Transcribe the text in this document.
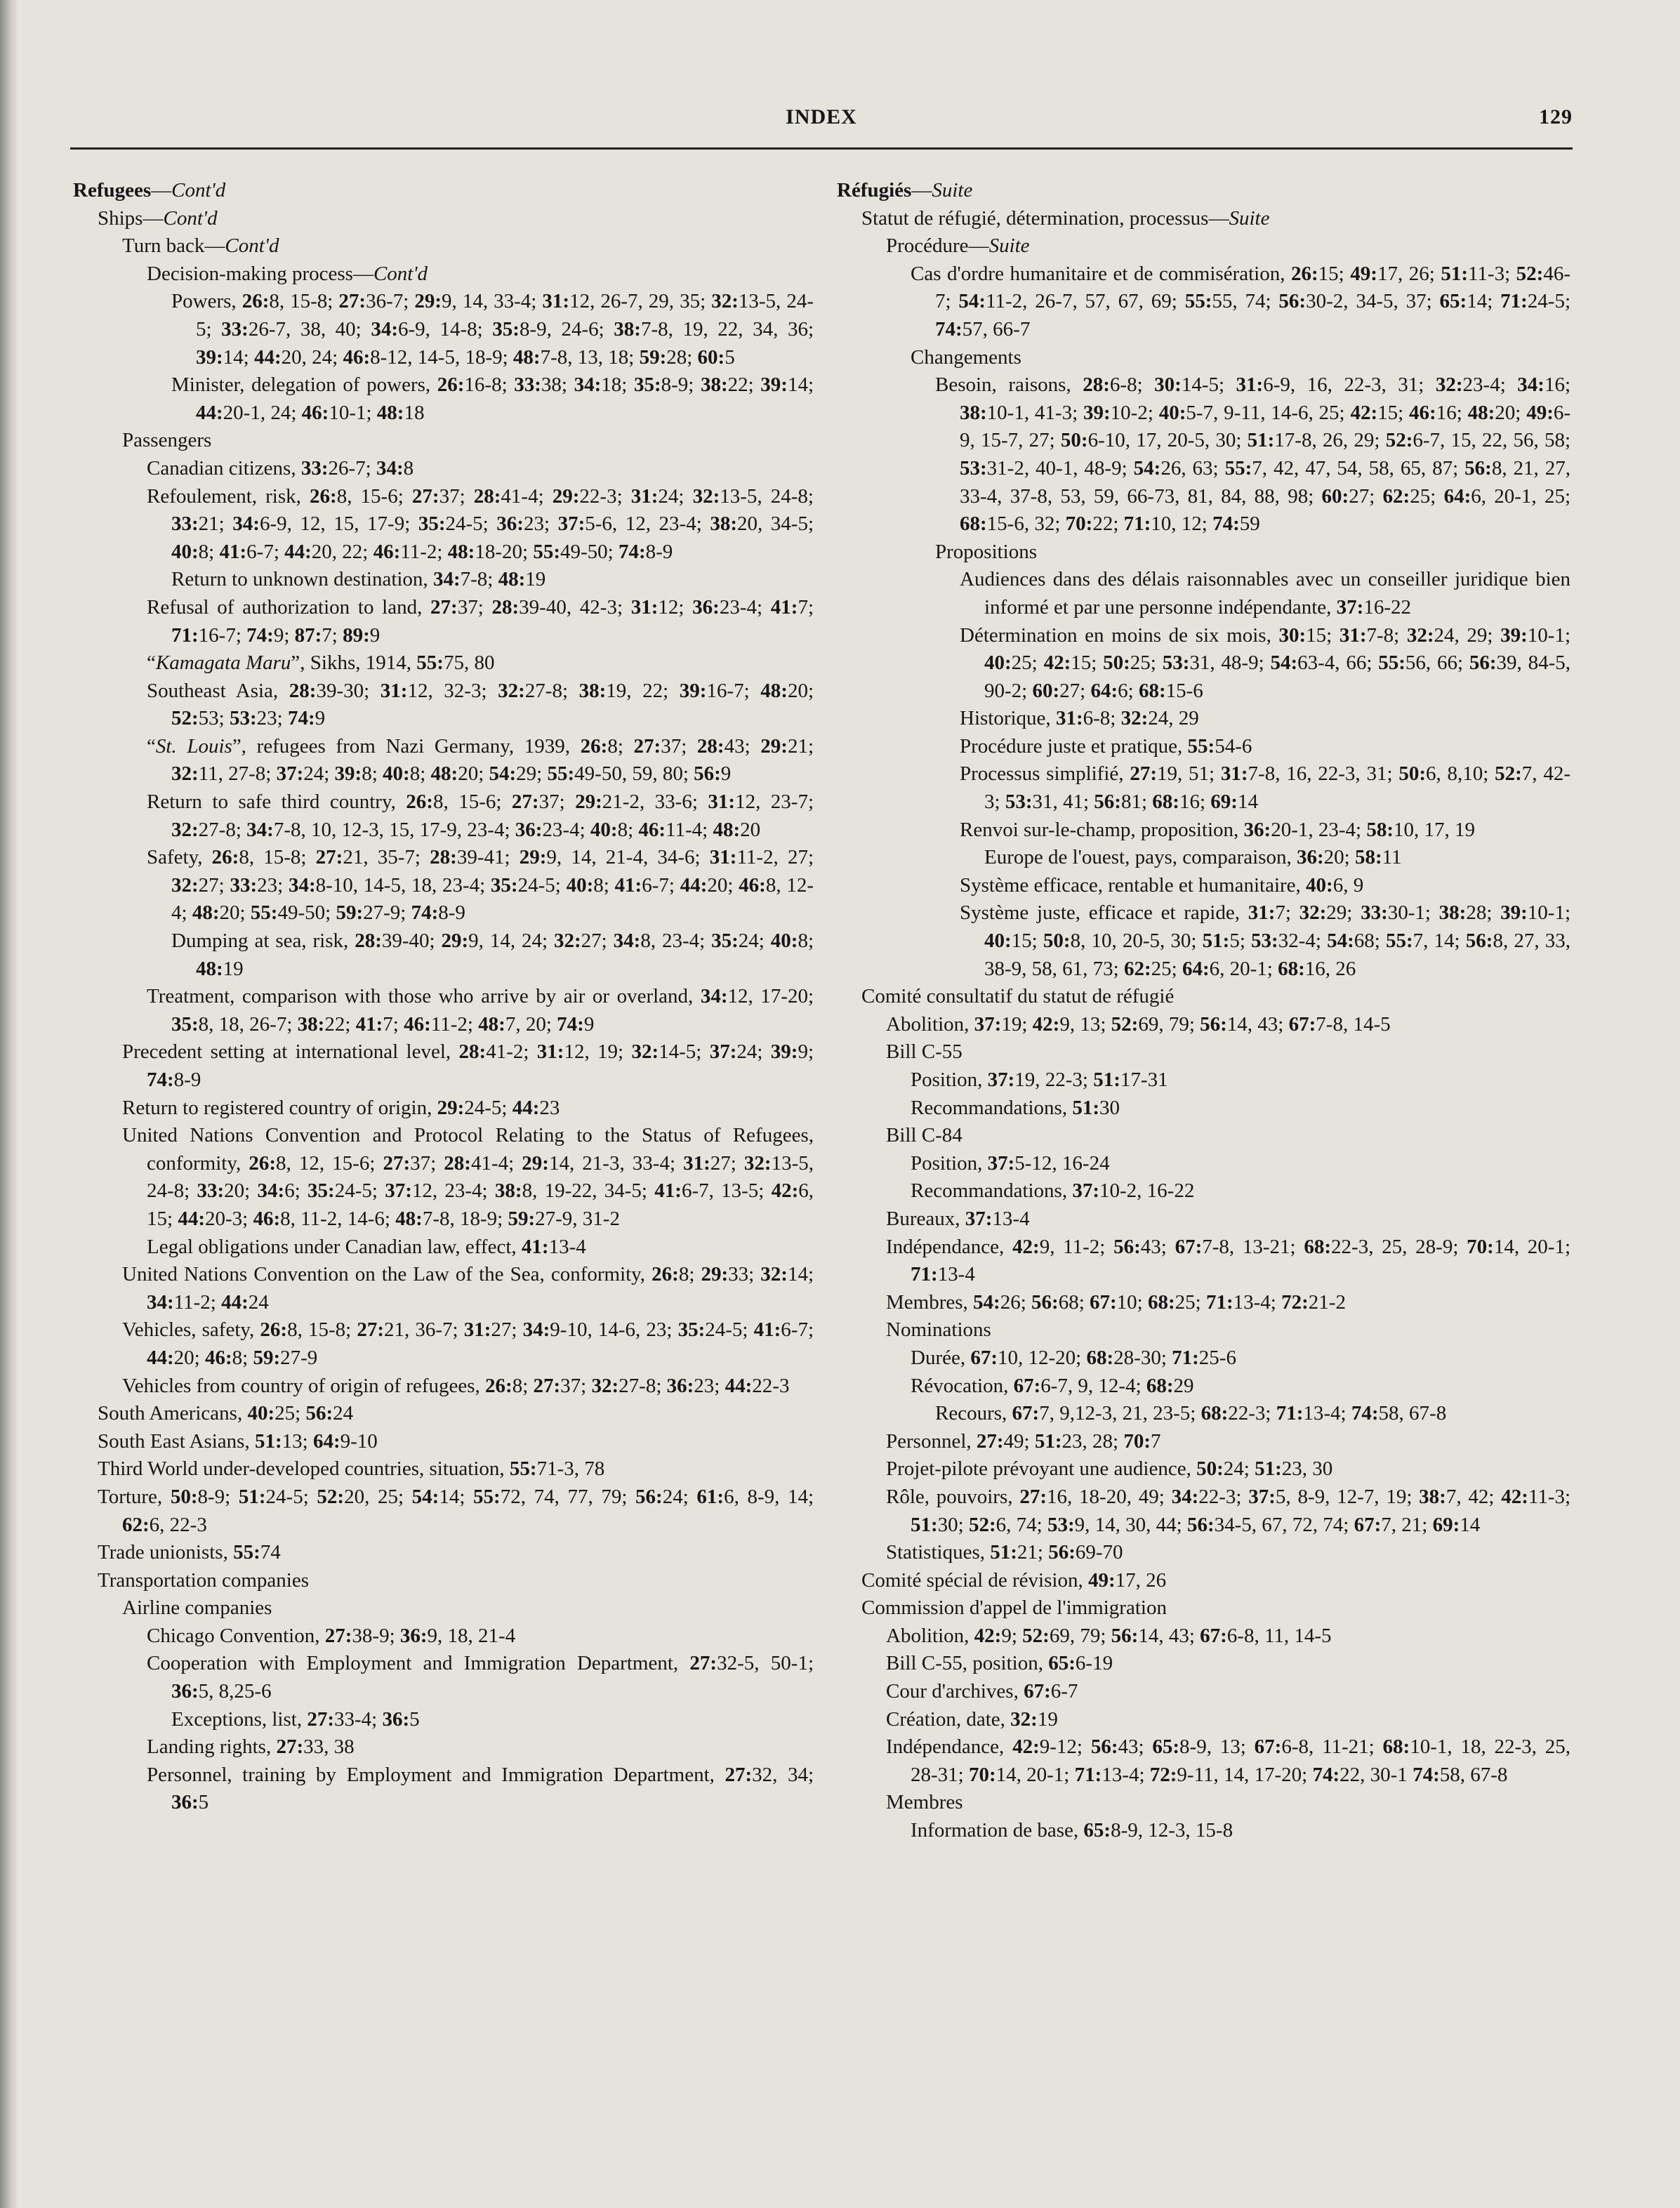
INDEX	129
Refugees—Cont'd
Ships—Cont'd
Turn back—Cont'd
Decision-making process—Cont'd
Powers, 26:8, 15-8; 27:36-7; 29:9, 14, 33-4; 31:12, 26-7, 29, 35; 32:13-5, 24-5; 33:26-7, 38, 40; 34:6-9, 14-8; 35:8-9, 24-6; 38:7-8, 19, 22, 34, 36; 39:14; 44:20, 24; 46:8-12, 14-5, 18-9; 48:7-8, 13, 18; 59:28; 60:5
Minister, delegation of powers, 26:16-8; 33:38; 34:18; 35:8-9; 38:22; 39:14; 44:20-1, 24; 46:10-1; 48:18
Passengers
Canadian citizens, 33:26-7; 34:8
Refoulement, risk, 26:8, 15-6; 27:37; 28:41-4; 29:22-3; 31:24; 32:13-5, 24-8; 33:21; 34:6-9, 12, 15, 17-9; 35:24-5; 36:23; 37:5-6, 12, 23-4; 38:20, 34-5; 40:8; 41:6-7; 44:20, 22; 46:11-2; 48:18-20; 55:49-50; 74:8-9
Return to unknown destination, 34:7-8; 48:19
Refusal of authorization to land, 27:37; 28:39-40, 42-3; 31:12; 36:23-4; 41:7; 71:16-7; 74:9; 87:7; 89:9
“Kamagata Maru”, Sikhs, 1914, 55:75, 80
Southeast Asia, 28:39-30; 31:12, 32-3; 32:27-8; 38:19, 22; 39:16-7; 48:20; 52:53; 53:23; 74:9
“St. Louis”, refugees from Nazi Germany, 1939, 26:8; 27:37; 28:43; 29:21; 32:11, 27-8; 37:24; 39:8; 40:8; 48:20; 54:29; 55:49-50, 59, 80; 56:9
Return to safe third country, 26:8, 15-6; 27:37; 29:21-2, 33-6; 31:12, 23-7; 32:27-8; 34:7-8, 10, 12-3, 15, 17-9, 23-4; 36:23-4; 40:8; 46:11-4; 48:20
Safety, 26:8, 15-8; 27:21, 35-7; 28:39-41; 29:9, 14, 21-4, 34-6; 31:11-2, 27; 32:27; 33:23; 34:8-10, 14-5, 18, 23-4; 35:24-5; 40:8; 41:6-7; 44:20; 46:8, 12-4; 48:20; 55:49-50; 59:27-9; 74:8-9
Dumping at sea, risk, 28:39-40; 29:9, 14, 24; 32:27; 34:8, 23-4; 35:24; 40:8; 48:19
Treatment, comparison with those who arrive by air or overland, 34:12, 17-20; 35:8, 18, 26-7; 38:22; 41:7; 46:11-2; 48:7, 20; 74:9
Precedent setting at international level, 28:41-2; 31:12, 19; 32:14-5; 37:24; 39:9; 74:8-9
Return to registered country of origin, 29:24-5; 44:23
United Nations Convention and Protocol Relating to the Status of Refugees, conformity, 26:8, 12, 15-6; 27:37; 28:41-4; 29:14, 21-3, 33-4; 31:27; 32:13-5, 24-8; 33:20; 34:6; 35:24-5; 37:12, 23-4; 38:8, 19-22, 34-5; 41:6-7, 13-5; 42:6, 15; 44:20-3; 46:8, 11-2, 14-6; 48:7-8, 18-9; 59:27-9, 31-2
Legal obligations under Canadian law, effect, 41:13-4
United Nations Convention on the Law of the Sea, conformity, 26:8; 29:33; 32:14; 34:11-2; 44:24
Vehicles, safety, 26:8, 15-8; 27:21, 36-7; 31:27; 34:9-10, 14-6, 23; 35:24-5; 41:6-7; 44:20; 46:8; 59:27-9
Vehicles from country of origin of refugees, 26:8; 27:37; 32:27-8; 36:23; 44:22-3
South Americans, 40:25; 56:24
South East Asians, 51:13; 64:9-10
Third World under-developed countries, situation, 55:71-3, 78
Torture, 50:8-9; 51:24-5; 52:20, 25; 54:14; 55:72, 74, 77, 79; 56:24; 61:6, 8-9, 14; 62:6, 22-3
Trade unionists, 55:74
Transportation companies
Airline companies
Chicago Convention, 27:38-9; 36:9, 18, 21-4
Cooperation with Employment and Immigration Department, 27:32-5, 50-1; 36:5, 8,25-6
Exceptions, list, 27:33-4; 36:5
Landing rights, 27:33, 38
Personnel, training by Employment and Immigration Department, 27:32, 34; 36:5
Réfugiés—Suite
Statut de réfugié, détermination, processus—Suite
Procédure—Suite
Cas d'ordre humanitaire et de commisération, 26:15; 49:17, 26; 51:11-3; 52:46-7; 54:11-2, 26-7, 57, 67, 69; 55:55, 74; 56:30-2, 34-5, 37; 65:14; 71:24-5; 74:57, 66-7
Changements
Besoin, raisons, 28:6-8; 30:14-5; 31:6-9, 16, 22-3, 31; 32:23-4; 34:16; 38:10-1, 41-3; 39:10-2; 40:5-7, 9-11, 14-6, 25; 42:15; 46:16; 48:20; 49:6-9, 15-7, 27; 50:6-10, 17, 20-5, 30; 51:17-8, 26, 29; 52:6-7, 15, 22, 56, 58; 53:31-2, 40-1, 48-9; 54:26, 63; 55:7, 42, 47, 54, 58, 65, 87; 56:8, 21, 27, 33-4, 37-8, 53, 59, 66-73, 81, 84, 88, 98; 60:27; 62:25; 64:6, 20-1, 25; 68:15-6, 32; 70:22; 71:10, 12; 74:59
Propositions
Audiences dans des délais raisonnables avec un conseiller juridique bien informé et par une personne indépendante, 37:16-22
Détermination en moins de six mois, 30:15; 31:7-8; 32:24, 29; 39:10-1; 40:25; 42:15; 50:25; 53:31, 48-9; 54:63-4, 66; 55:56, 66; 56:39, 84-5, 90-2; 60:27; 64:6; 68:15-6
Historique, 31:6-8; 32:24, 29
Procédure juste et pratique, 55:54-6
Processus simplifié, 27:19, 51; 31:7-8, 16, 22-3, 31; 50:6, 8,10; 52:7, 42-3; 53:31, 41; 56:81; 68:16; 69:14
Renvoi sur-le-champ, proposition, 36:20-1, 23-4; 58:10, 17, 19
Europe de l'ouest, pays, comparaison, 36:20; 58:11
Système efficace, rentable et humanitaire, 40:6, 9
Système juste, efficace et rapide, 31:7; 32:29; 33:30-1; 38:28; 39:10-1; 40:15; 50:8, 10, 20-5, 30; 51:5; 53:32-4; 54:68; 55:7, 14; 56:8, 27, 33, 38-9, 58, 61, 73; 62:25; 64:6, 20-1; 68:16, 26
Comité consultatif du statut de réfugié
Abolition, 37:19; 42:9, 13; 52:69, 79; 56:14, 43; 67:7-8, 14-5
Bill C-55
Position, 37:19, 22-3; 51:17-31
Recommandations, 51:30
Bill C-84
Position, 37:5-12, 16-24
Recommandations, 37:10-2, 16-22
Bureaux, 37:13-4
Indépendance, 42:9, 11-2; 56:43; 67:7-8, 13-21; 68:22-3, 25, 28-9; 70:14, 20-1; 71:13-4
Membres, 54:26; 56:68; 67:10; 68:25; 71:13-4; 72:21-2
Nominations
Durée, 67:10, 12-20; 68:28-30; 71:25-6
Révocation, 67:6-7, 9, 12-4; 68:29
Recours, 67:7, 9,12-3, 21, 23-5; 68:22-3; 71:13-4; 74:58, 67-8
Personnel, 27:49; 51:23, 28; 70:7
Projet-pilote prévoyant une audience, 50:24; 51:23, 30
Rôle, pouvoirs, 27:16, 18-20, 49; 34:22-3; 37:5, 8-9, 12-7, 19; 38:7, 42; 42:11-3; 51:30; 52:6, 74; 53:9, 14, 30, 44; 56:34-5, 67, 72, 74; 67:7, 21; 69:14
Statistiques, 51:21; 56:69-70
Comité spécial de révision, 49:17, 26
Commission d'appel de l'immigration
Abolition, 42:9; 52:69, 79; 56:14, 43; 67:6-8, 11, 14-5
Bill C-55, position, 65:6-19
Cour d'archives, 67:6-7
Création, date, 32:19
Indépendance, 42:9-12; 56:43; 65:8-9, 13; 67:6-8, 11-21; 68:10-1, 18, 22-3, 25, 28-31; 70:14, 20-1; 71:13-4; 72:9-11, 14, 17-20; 74:22, 30-1 74:58, 67-8
Membres
Information de base, 65:8-9, 12-3, 15-8
